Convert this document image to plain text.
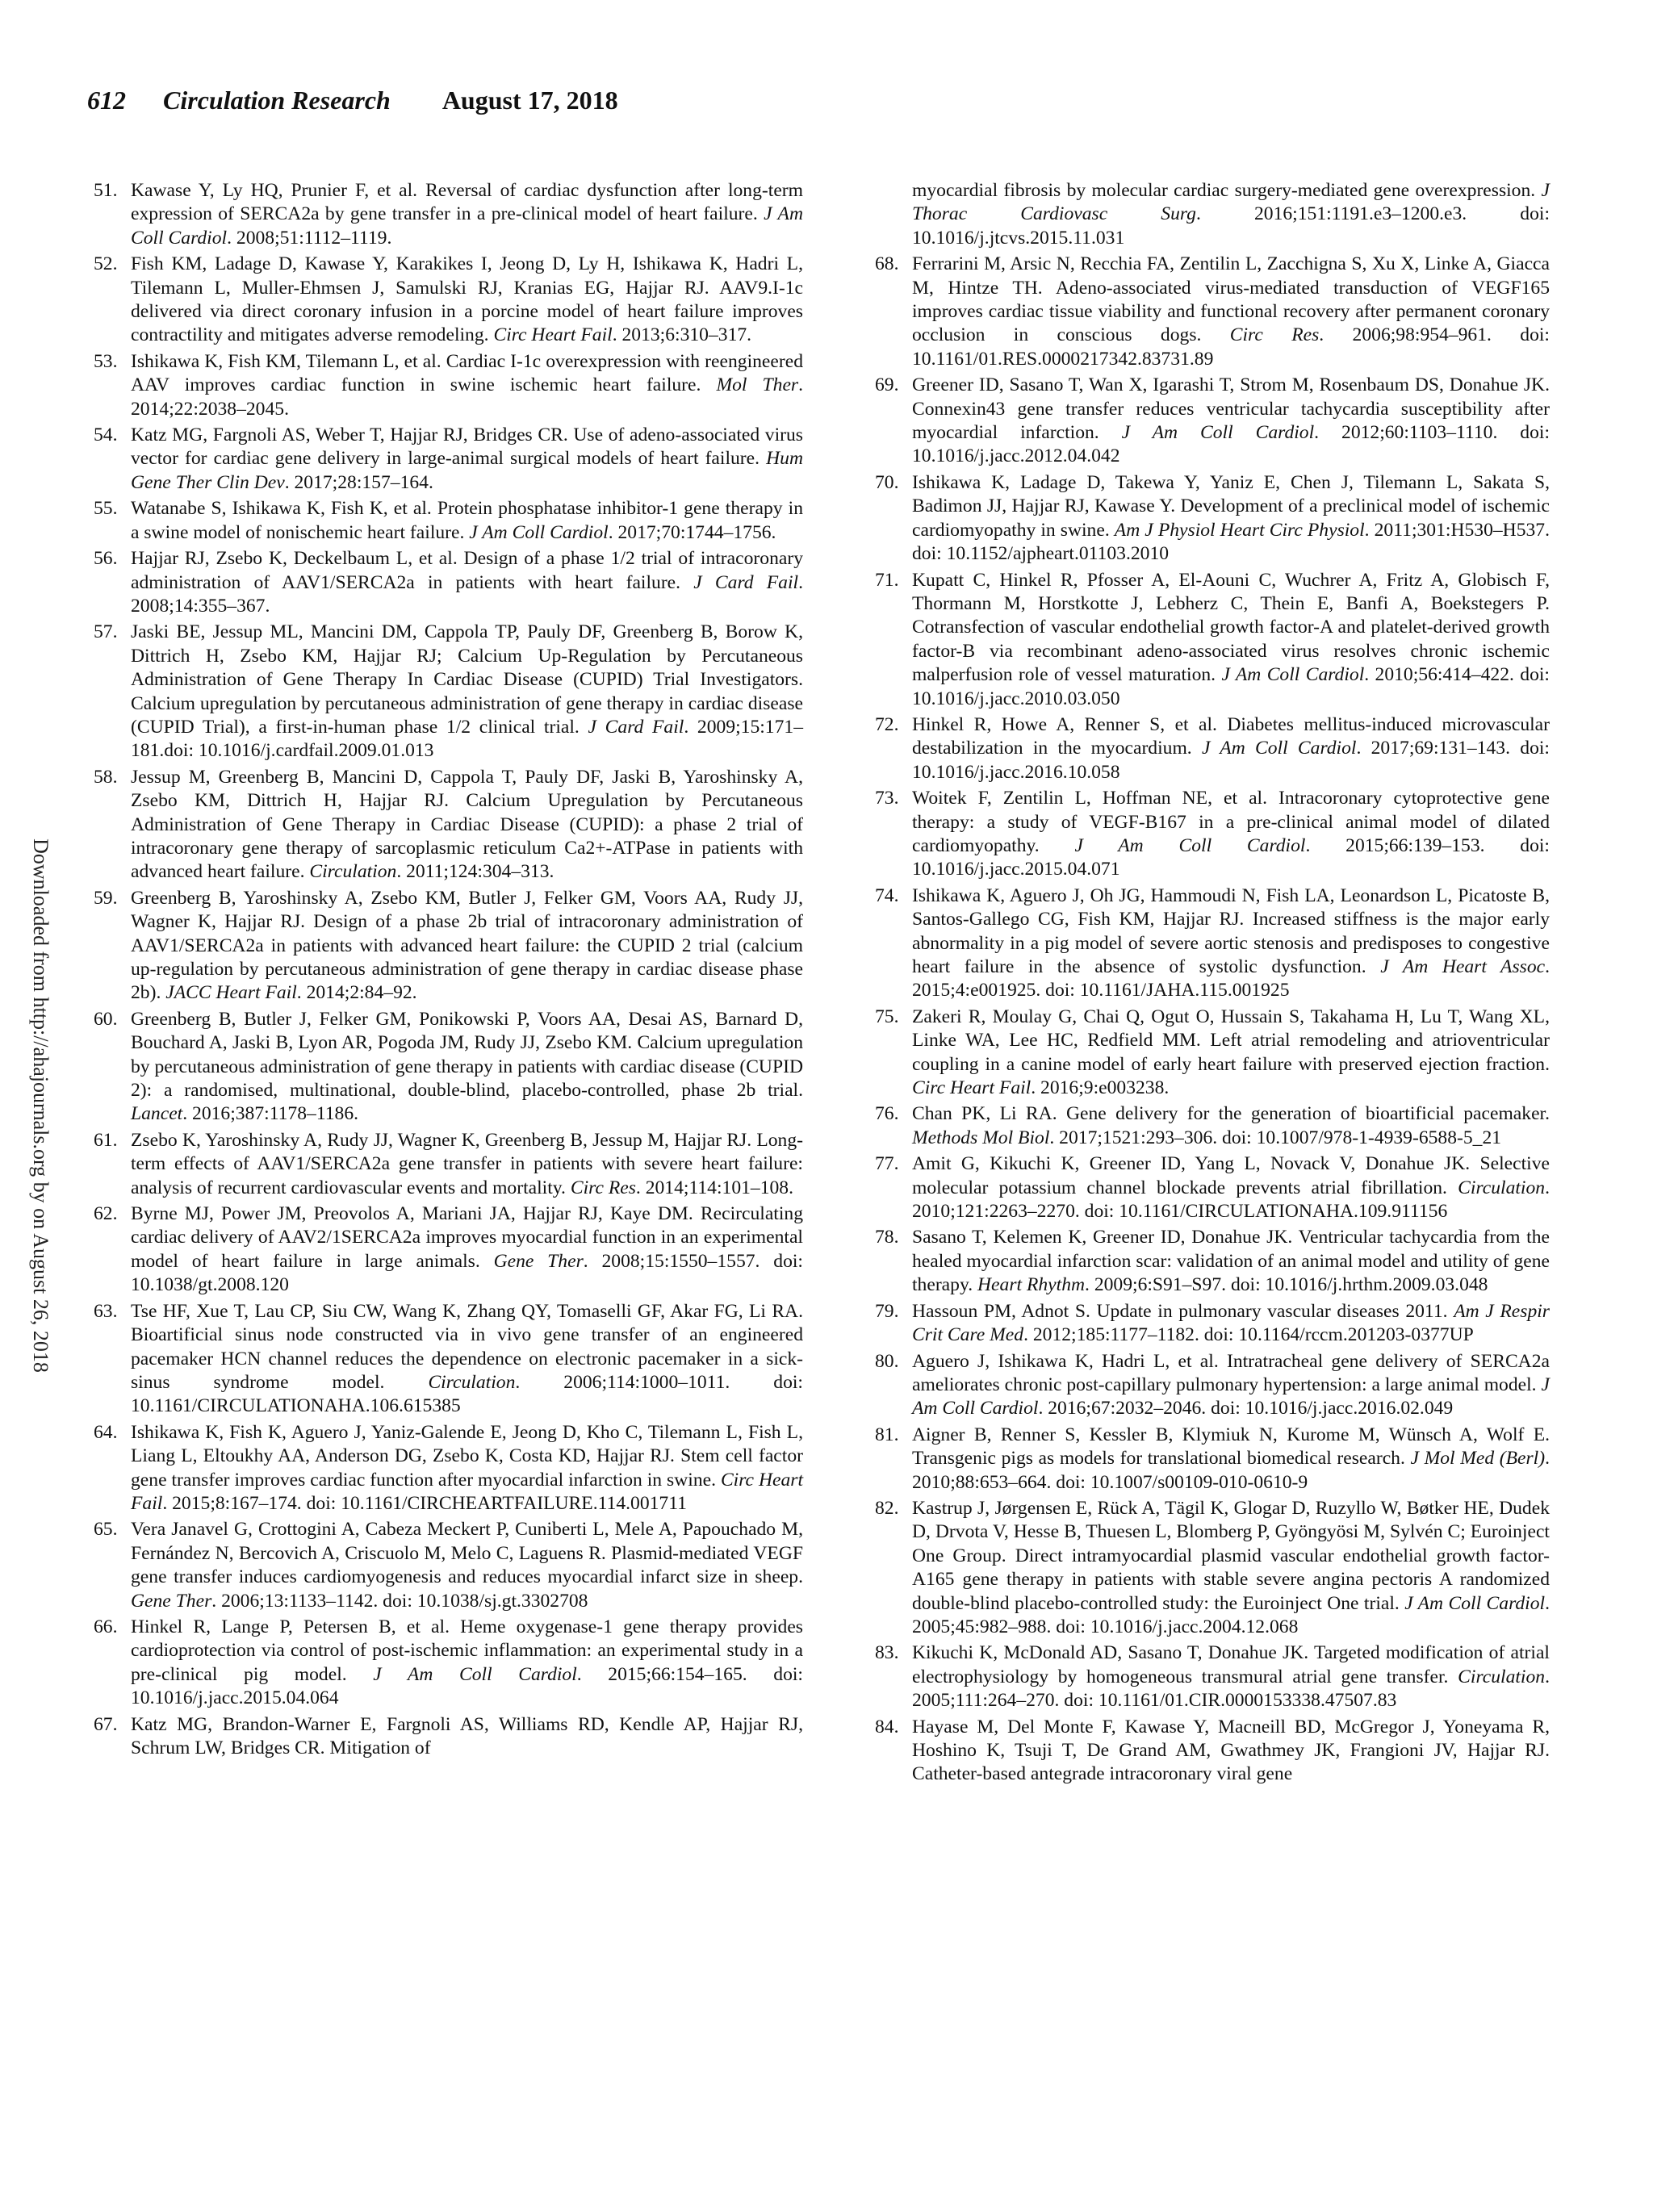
612 Circulation Research August 17, 2018
Downloaded from http://ahajournals.org by on August 26, 2018
51. Kawase Y, Ly HQ, Prunier F, et al. Reversal of cardiac dysfunction after long-term expression of SERCA2a by gene transfer in a pre-clinical model of heart failure. J Am Coll Cardiol. 2008;51:1112–1119.
52. Fish KM, Ladage D, Kawase Y, Karakikes I, Jeong D, Ly H, Ishikawa K, Hadri L, Tilemann L, Muller-Ehmsen J, Samulski RJ, Kranias EG, Hajjar RJ. AAV9.I-1c delivered via direct coronary infusion in a porcine model of heart failure improves contractility and mitigates adverse remodeling. Circ Heart Fail. 2013;6:310–317.
53. Ishikawa K, Fish KM, Tilemann L, et al. Cardiac I-1c overexpression with reengineered AAV improves cardiac function in swine ischemic heart failure. Mol Ther. 2014;22:2038–2045.
54. Katz MG, Fargnoli AS, Weber T, Hajjar RJ, Bridges CR. Use of adeno-associated virus vector for cardiac gene delivery in large-animal surgical models of heart failure. Hum Gene Ther Clin Dev. 2017;28:157–164.
55. Watanabe S, Ishikawa K, Fish K, et al. Protein phosphatase inhibitor-1 gene therapy in a swine model of nonischemic heart failure. J Am Coll Cardiol. 2017;70:1744–1756.
56. Hajjar RJ, Zsebo K, Deckelbaum L, et al. Design of a phase 1/2 trial of intracoronary administration of AAV1/SERCA2a in patients with heart failure. J Card Fail. 2008;14:355–367.
57. Jaski BE, Jessup ML, Mancini DM, Cappola TP, Pauly DF, Greenberg B, Borow K, Dittrich H, Zsebo KM, Hajjar RJ; Calcium Up-Regulation by Percutaneous Administration of Gene Therapy In Cardiac Disease (CUPID) Trial Investigators. Calcium upregulation by percutaneous administration of gene therapy in cardiac disease (CUPID Trial), a first-in-human phase 1/2 clinical trial. J Card Fail. 2009;15:171–181.doi: 10.1016/j.cardfail.2009.01.013
58. Jessup M, Greenberg B, Mancini D, Cappola T, Pauly DF, Jaski B, Yaroshinsky A, Zsebo KM, Dittrich H, Hajjar RJ. Calcium Upregulation by Percutaneous Administration of Gene Therapy in Cardiac Disease (CUPID): a phase 2 trial of intracoronary gene therapy of sarcoplasmic reticulum Ca2+-ATPase in patients with advanced heart failure. Circulation. 2011;124:304–313.
59. Greenberg B, Yaroshinsky A, Zsebo KM, Butler J, Felker GM, Voors AA, Rudy JJ, Wagner K, Hajjar RJ. Design of a phase 2b trial of intracoronary administration of AAV1/SERCA2a in patients with advanced heart failure: the CUPID 2 trial (calcium up-regulation by percutaneous administration of gene therapy in cardiac disease phase 2b). JACC Heart Fail. 2014;2:84–92.
60. Greenberg B, Butler J, Felker GM, Ponikowski P, Voors AA, Desai AS, Barnard D, Bouchard A, Jaski B, Lyon AR, Pogoda JM, Rudy JJ, Zsebo KM. Calcium upregulation by percutaneous administration of gene therapy in patients with cardiac disease (CUPID 2): a randomised, multinational, double-blind, placebo-controlled, phase 2b trial. Lancet. 2016;387:1178–1186.
61. Zsebo K, Yaroshinsky A, Rudy JJ, Wagner K, Greenberg B, Jessup M, Hajjar RJ. Long-term effects of AAV1/SERCA2a gene transfer in patients with severe heart failure: analysis of recurrent cardiovascular events and mortality. Circ Res. 2014;114:101–108.
62. Byrne MJ, Power JM, Preovolos A, Mariani JA, Hajjar RJ, Kaye DM. Recirculating cardiac delivery of AAV2/1SERCA2a improves myocardial function in an experimental model of heart failure in large animals. Gene Ther. 2008;15:1550–1557. doi: 10.1038/gt.2008.120
63. Tse HF, Xue T, Lau CP, Siu CW, Wang K, Zhang QY, Tomaselli GF, Akar FG, Li RA. Bioartificial sinus node constructed via in vivo gene transfer of an engineered pacemaker HCN channel reduces the dependence on electronic pacemaker in a sick-sinus syndrome model. Circulation. 2006;114:1000–1011. doi: 10.1161/CIRCULATIONAHA.106.615385
64. Ishikawa K, Fish K, Aguero J, Yaniz-Galende E, Jeong D, Kho C, Tilemann L, Fish L, Liang L, Eltoukhy AA, Anderson DG, Zsebo K, Costa KD, Hajjar RJ. Stem cell factor gene transfer improves cardiac function after myocardial infarction in swine. Circ Heart Fail. 2015;8:167–174. doi: 10.1161/CIRCHEARTFAILURE.114.001711
65. Vera Janavel G, Crottogini A, Cabeza Meckert P, Cuniberti L, Mele A, Papouchado M, Fernández N, Bercovich A, Criscuolo M, Melo C, Laguens R. Plasmid-mediated VEGF gene transfer induces cardiomyogenesis and reduces myocardial infarct size in sheep. Gene Ther. 2006;13:1133–1142. doi: 10.1038/sj.gt.3302708
66. Hinkel R, Lange P, Petersen B, et al. Heme oxygenase-1 gene therapy provides cardioprotection via control of post-ischemic inflammation: an experimental study in a pre-clinical pig model. J Am Coll Cardiol. 2015;66:154–165. doi: 10.1016/j.jacc.2015.04.064
67. Katz MG, Brandon-Warner E, Fargnoli AS, Williams RD, Kendle AP, Hajjar RJ, Schrum LW, Bridges CR. Mitigation of
myocardial fibrosis by molecular cardiac surgery-mediated gene overexpression. J Thorac Cardiovasc Surg. 2016;151:1191.e3–1200.e3. doi: 10.1016/j.jtcvs.2015.11.031
68. Ferrarini M, Arsic N, Recchia FA, Zentilin L, Zacchigna S, Xu X, Linke A, Giacca M, Hintze TH. Adeno-associated virus-mediated transduction of VEGF165 improves cardiac tissue viability and functional recovery after permanent coronary occlusion in conscious dogs. Circ Res. 2006;98:954–961. doi: 10.1161/01.RES.0000217342.83731.89
69. Greener ID, Sasano T, Wan X, Igarashi T, Strom M, Rosenbaum DS, Donahue JK. Connexin43 gene transfer reduces ventricular tachycardia susceptibility after myocardial infarction. J Am Coll Cardiol. 2012;60:1103–1110. doi: 10.1016/j.jacc.2012.04.042
70. Ishikawa K, Ladage D, Takewa Y, Yaniz E, Chen J, Tilemann L, Sakata S, Badimon JJ, Hajjar RJ, Kawase Y. Development of a preclinical model of ischemic cardiomyopathy in swine. Am J Physiol Heart Circ Physiol. 2011;301:H530–H537. doi: 10.1152/ajpheart.01103.2010
71. Kupatt C, Hinkel R, Pfosser A, El-Aouni C, Wuchrer A, Fritz A, Globisch F, Thormann M, Horstkotte J, Lebherz C, Thein E, Banfi A, Boekstegers P. Cotransfection of vascular endothelial growth factor-A and platelet-derived growth factor-B via recombinant adeno-associated virus resolves chronic ischemic malperfusion role of vessel maturation. J Am Coll Cardiol. 2010;56:414–422. doi: 10.1016/j.jacc.2010.03.050
72. Hinkel R, Howe A, Renner S, et al. Diabetes mellitus-induced microvascular destabilization in the myocardium. J Am Coll Cardiol. 2017;69:131–143. doi: 10.1016/j.jacc.2016.10.058
73. Woitek F, Zentilin L, Hoffman NE, et al. Intracoronary cytoprotective gene therapy: a study of VEGF-B167 in a pre-clinical animal model of dilated cardiomyopathy. J Am Coll Cardiol. 2015;66:139–153. doi: 10.1016/j.jacc.2015.04.071
74. Ishikawa K, Aguero J, Oh JG, Hammoudi N, Fish LA, Leonardson L, Picatoste B, Santos-Gallego CG, Fish KM, Hajjar RJ. Increased stiffness is the major early abnormality in a pig model of severe aortic stenosis and predisposes to congestive heart failure in the absence of systolic dysfunction. J Am Heart Assoc. 2015;4:e001925. doi: 10.1161/JAHA.115.001925
75. Zakeri R, Moulay G, Chai Q, Ogut O, Hussain S, Takahama H, Lu T, Wang XL, Linke WA, Lee HC, Redfield MM. Left atrial remodeling and atrioventricular coupling in a canine model of early heart failure with preserved ejection fraction. Circ Heart Fail. 2016;9:e003238.
76. Chan PK, Li RA. Gene delivery for the generation of bioartificial pacemaker. Methods Mol Biol. 2017;1521:293–306. doi: 10.1007/978-1-4939-6588-5_21
77. Amit G, Kikuchi K, Greener ID, Yang L, Novack V, Donahue JK. Selective molecular potassium channel blockade prevents atrial fibrillation. Circulation. 2010;121:2263–2270. doi: 10.1161/CIRCULATIONAHA.109.911156
78. Sasano T, Kelemen K, Greener ID, Donahue JK. Ventricular tachycardia from the healed myocardial infarction scar: validation of an animal model and utility of gene therapy. Heart Rhythm. 2009;6:S91–S97. doi: 10.1016/j.hrthm.2009.03.048
79. Hassoun PM, Adnot S. Update in pulmonary vascular diseases 2011. Am J Respir Crit Care Med. 2012;185:1177–1182. doi: 10.1164/rccm.201203-0377UP
80. Aguero J, Ishikawa K, Hadri L, et al. Intratracheal gene delivery of SERCA2a ameliorates chronic post-capillary pulmonary hypertension: a large animal model. J Am Coll Cardiol. 2016;67:2032–2046. doi: 10.1016/j.jacc.2016.02.049
81. Aigner B, Renner S, Kessler B, Klymiuk N, Kurome M, Wünsch A, Wolf E. Transgenic pigs as models for translational biomedical research. J Mol Med (Berl). 2010;88:653–664. doi: 10.1007/s00109-010-0610-9
82. Kastrup J, Jørgensen E, Rück A, Tägil K, Glogar D, Ruzyllo W, Bøtker HE, Dudek D, Drvota V, Hesse B, Thuesen L, Blomberg P, Gyöngyösi M, Sylvén C; Euroinject One Group. Direct intramyocardial plasmid vascular endothelial growth factor-A165 gene therapy in patients with stable severe angina pectoris A randomized double-blind placebo-controlled study: the Euroinject One trial. J Am Coll Cardiol. 2005;45:982–988. doi: 10.1016/j.jacc.2004.12.068
83. Kikuchi K, McDonald AD, Sasano T, Donahue JK. Targeted modification of atrial electrophysiology by homogeneous transmural atrial gene transfer. Circulation. 2005;111:264–270. doi: 10.1161/01.CIR.0000153338.47507.83
84. Hayase M, Del Monte F, Kawase Y, Macneill BD, McGregor J, Yoneyama R, Hoshino K, Tsuji T, De Grand AM, Gwathmey JK, Frangioni JV, Hajjar RJ. Catheter-based antegrade intracoronary viral gene
